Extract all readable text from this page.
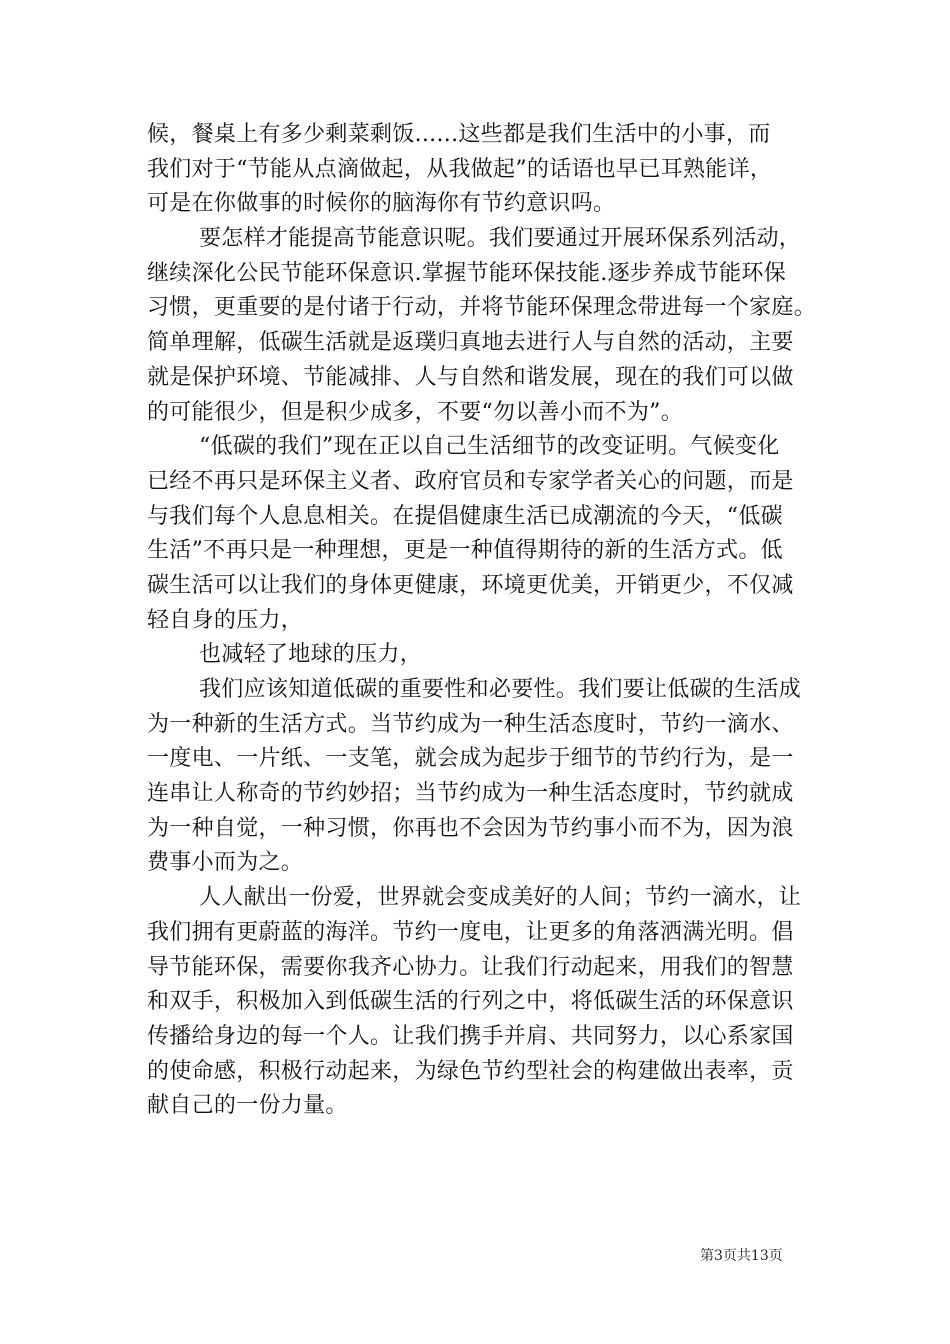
候，餐桌上有多少剩菜剩饭......这些都是我们生活中的小事，而
我们对于“节能从点滴做起，从我做起”的话语也早已耳熟能详，
可是在你做事的时候你的脑海你有节约意识吗。
要怎样才能提高节能意识呢。我们要通过开展环保系列活动，
继续深化公民节能环保意识.掌握节能环保技能.逐步养成节能环保
习惯，更重要的是付诸于行动，并将节能环保理念带进每一个家庭。
简单理解，低碳生活就是返璞归真地去进行人与自然的活动，主要
就是保护环境、节能减排、人与自然和谐发展，现在的我们可以做
的可能很少，但是积少成多，不要“勿以善小而不为”。
“低碳的我们”现在正以自己生活细节的改变证明。气候变化
已经不再只是环保主义者、政府官员和专家学者关心的问题，而是
与我们每个人息息相关。在提倡健康生活已成潮流的今天，“低碳
生活”不再只是一种理想，更是一种值得期待的新的生活方式。低
碳生活可以让我们的身体更健康，环境更优美，开销更少，不仅减
轻自身的压力，
也减轻了地球的压力，
我们应该知道低碳的重要性和必要性。我们要让低碳的生活成
为一种新的生活方式。当节约成为一种生活态度时，节约一滴水、
一度电、一片纸、一支笔，就会成为起步于细节的节约行为，是一
连串让人称奇的节约妙招；当节约成为一种生活态度时，节约就成
为一种自觉，一种习惯，你再也不会因为节约事小而不为，因为浪
费事小而为之。
人人献出一份爱，世界就会变成美好的人间；节约一滴水，让
我们拥有更蔚蓝的海洋。节约一度电，让更多的角落洒满光明。倡
导节能环保，需要你我齐心协力。让我们行动起来，用我们的智慧
和双手，积极加入到低碳生活的行列之中，将低碳生活的环保意识
传播给身边的每一个人。让我们携手并肩、共同努力，以心系家国
的使命感，积极行动起来，为绿色节约型社会的构建做出表率，贡
献自己的一份力量。
第3页共13页
